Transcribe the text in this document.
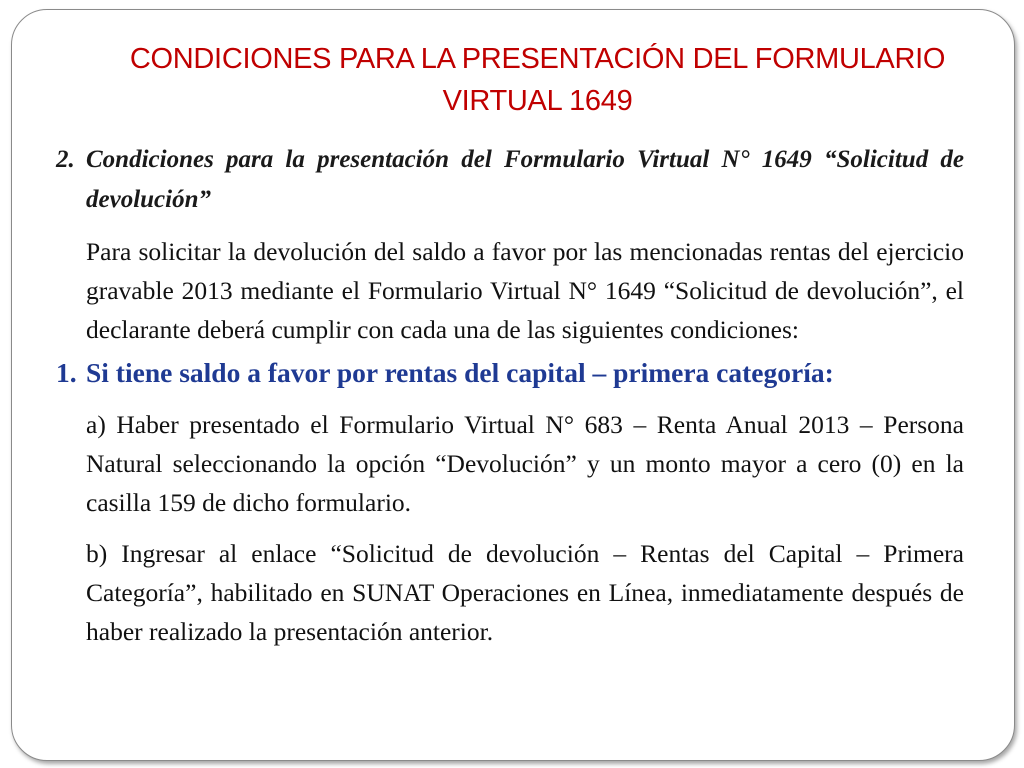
CONDICIONES PARA LA PRESENTACIÓN DEL FORMULARIO
VIRTUAL 1649
2. Condiciones para la presentación del Formulario Virtual N° 1649 “Solicitud de devolución”
Para solicitar la devolución del saldo a favor por las mencionadas rentas del ejercicio gravable 2013 mediante el Formulario Virtual N° 1649 “Solicitud de devolución”, el declarante deberá cumplir con cada una de las siguientes condiciones:
1. Si tiene saldo a favor por rentas del capital – primera categoría:
a) Haber presentado el Formulario Virtual N° 683 – Renta Anual 2013 – Persona Natural seleccionando la opción “Devolución” y un monto mayor a cero (0) en la casilla 159 de dicho formulario.
b) Ingresar al enlace “Solicitud de devolución – Rentas del Capital – Primera Categoría”, habilitado en SUNAT Operaciones en Línea, inmediatamente después de haber realizado la presentación anterior.
